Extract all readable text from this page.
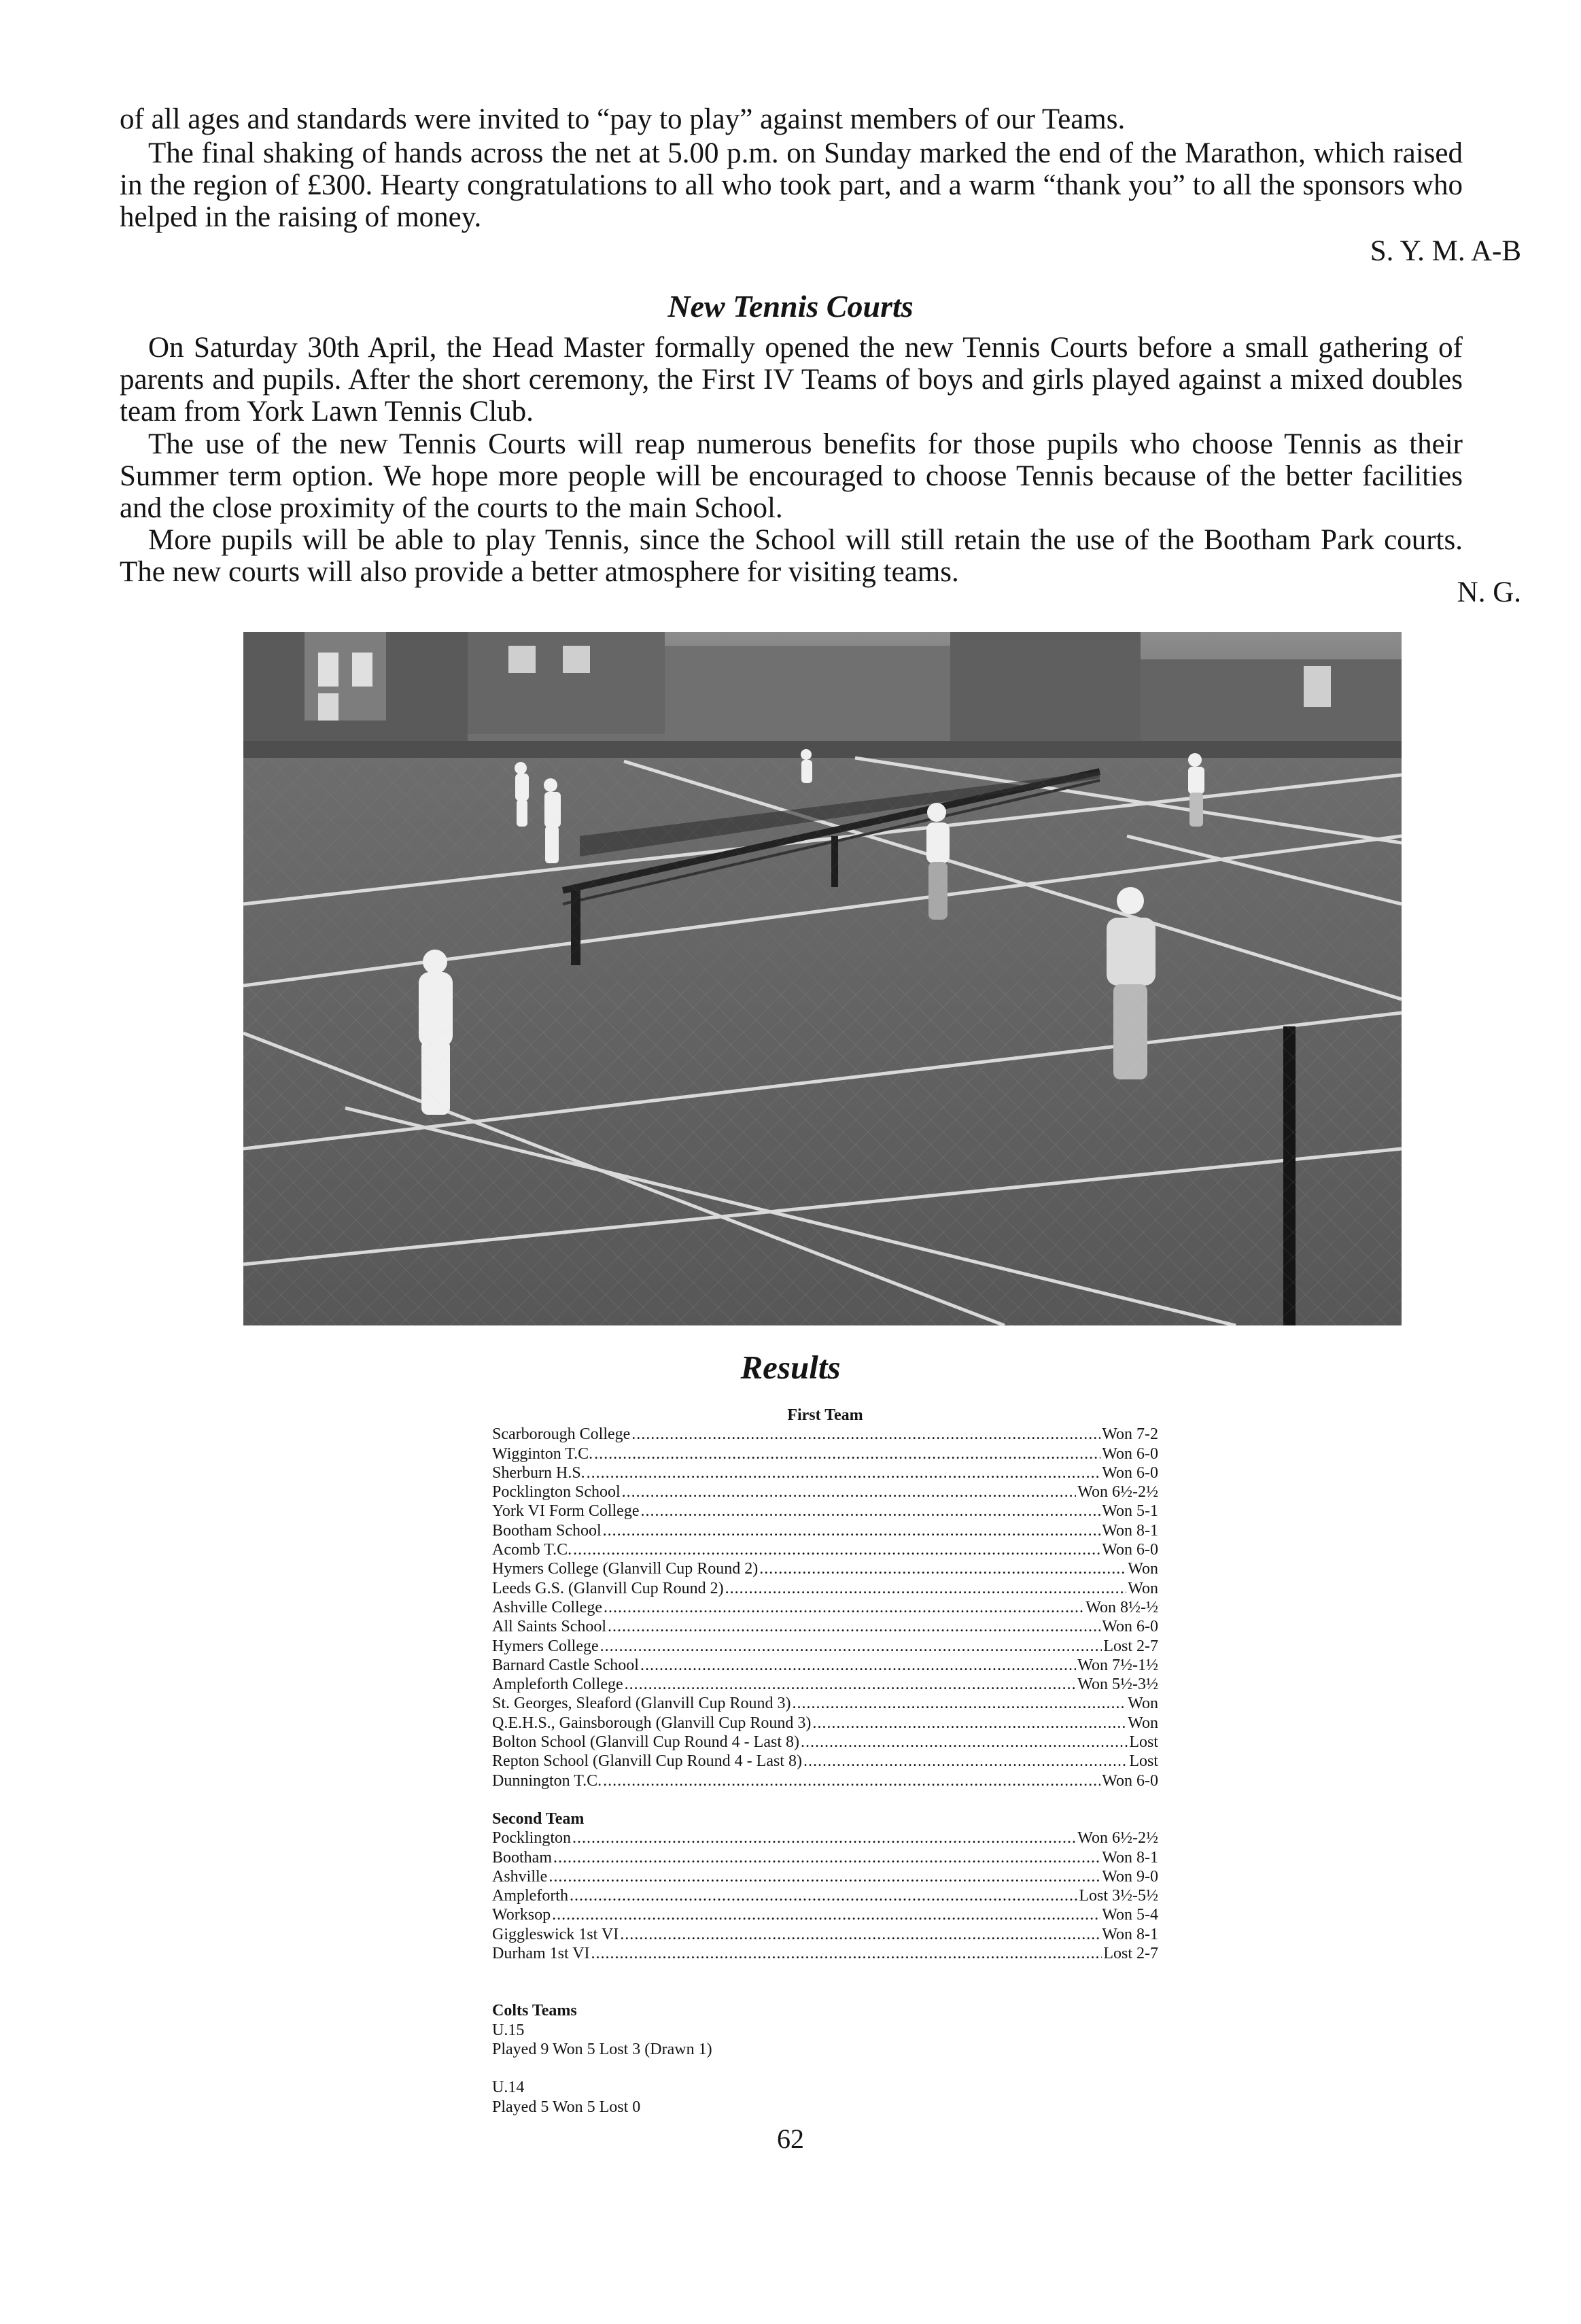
of all ages and standards were invited to “pay to play” against members of our Teams.

The final shaking of hands across the net at 5.00 p.m. on Sunday marked the end of the Marathon, which raised in the region of £300. Hearty congratulations to all who took part, and a warm “thank you” to all the sponsors who helped in the raising of money.

S. Y. M. A-B

New Tennis Courts

On Saturday 30th April, the Head Master formally opened the new Tennis Courts before a small gathering of parents and pupils. After the short ceremony, the First IV Teams of boys and girls played against a mixed doubles team from York Lawn Tennis Club.

The use of the new Tennis Courts will reap numerous benefits for those pupils who choose Tennis as their Summer term option. We hope more people will be encouraged to choose Tennis because of the better facilities and the close proximity of the courts to the main School.

More pupils will be able to play Tennis, since the School will still retain the use of the Bootham Park courts. The new courts will also provide a better atmosphere for visiting teams.

N. G.

Results
First Team
Scarborough College .....	Won 7-2
Wigginton T.C. .....	Won 6-0
Sherburn H.S. .....	Won 6-0
Pocklington School .....	Won 6½-2½
York VI Form College .....	Won 5-1
Bootham School .....	Won 8-1
Acomb T.C. .....	Won 6-0
Hymers College (Glanvill Cup Round 2) .....	Won
Leeds G.S. (Glanvill Cup Round 2) .....	Won
Ashville College .....	Won 8½-½
All Saints School .....	Won 6-0
Hymers College .....	Lost 2-7
Barnard Castle School .....	Won 7½-1½
Ampleforth College .....	Won 5½-3½
St. Georges, Sleaford (Glanvill Cup Round 3) .....	Won
Q.E.H.S., Gainsborough (Glanvill Cup Round 3) .....	Won
Bolton School (Glanvill Cup Round 4 - Last 8) .....	Lost
Repton School (Glanvill Cup Round 4 - Last 8) .....	Lost
Dunnington T.C. .....	Won 6-0
Second Team
Pocklington .....	Won 6½-2½
Bootham .....	Won 8-1
Ashville .....	Won 9-0
Ampleforth .....	Lost 3½-5½
Worksop .....	Won 5-4
Giggleswick 1st VI .....	Won 8-1
Durham 1st VI .....	Lost 2-7
Colts Teams
U.15
Played 9 Won 5 Lost 3 (Drawn 1)
U.14
Played 5 Won 5 Lost 0
62
